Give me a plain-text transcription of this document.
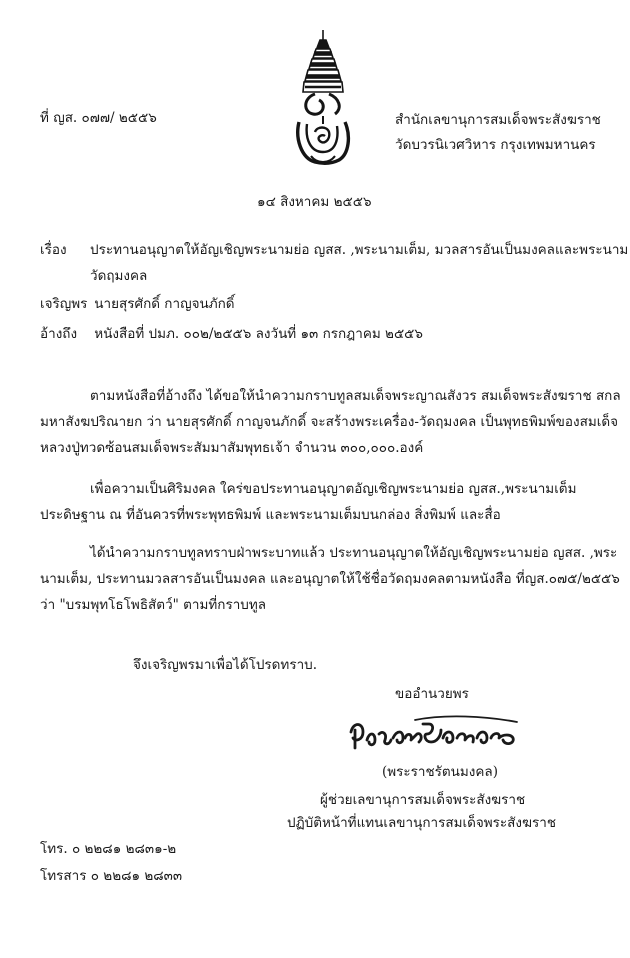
ที่ ญส. ๐๗๗/ ๒๕๕๖	สำนักเลขานุการสมเด็จพระสังฆราช
วัดบวรนิเวศวิหาร กรุงเทพมหานคร
๑๔ สิงหาคม ๒๕๕๖
เรื่อง ประทานอนุญาตให้อัญเชิญพระนามย่อ ญสส. ,พระนามเต็ม, มวลสารอันเป็นมงคลและพระนาม
วัดฤมงคล
เจริญพร นายสุรศักดิ์ กาญจนภักดิ์
อ้างถึง หนังสือที่ ปมภ. ๐๐๒/๒๕๕๖ ลงวันที่ ๑๓ กรกฎาคม ๒๕๕๖
ตามหนังสือที่อ้างถึง ได้ขอให้นำความกราบทูลสมเด็จพระญาณสังวร สมเด็จพระสังฆราช สกล
มหาสังฆปริณายก ว่า นายสุรศักดิ์ กาญจนภักดิ์ จะสร้างพระเครื่อง-วัดฤมงคล เป็นพุทธพิมพ์ของสมเด็จ
หลวงปู่ทวดซ้อนสมเด็จพระสัมมาสัมพุทธเจ้า จำนวน ๓๐๐,๐๐๐.องค์
เพื่อความเป็นศิริมงคล ใคร่ขอประทานอนุญาตอัญเชิญพระนามย่อ ญสส.,พระนามเต็ม
ประดิษฐาน ณ ที่อันควรที่พระพุทธพิมพ์ และพระนามเต็มบนกล่อง สิ่งพิมพ์ และสื่อ
ได้นำความกราบทูลทราบฝ่าพระบาทแล้ว ประทานอนุญาตให้อัญเชิญพระนามย่อ ญสส. ,พระ
นามเต็ม, ประทานมวลสารอันเป็นมงคล และอนุญาตให้ใช้ชื่อวัดฤมงคลตามหนังสือ ที่ญส.๐๗๕/๒๕๕๖
ว่า "บรมพุทโธโพธิสัตว์" ตามที่กราบทูล
จึงเจริญพรมาเพื่อได้โปรดทราบ.
ขออำนวยพร
(พระราชรัตนมงคล)
ผู้ช่วยเลขานุการสมเด็จพระสังฆราช
ปฏิบัติหน้าที่แทนเลขานุการสมเด็จพระสังฆราช
โทร. ๐ ๒๒๘๑ ๒๘๓๑-๒
โทรสาร ๐ ๒๒๘๑ ๒๘๓๓
